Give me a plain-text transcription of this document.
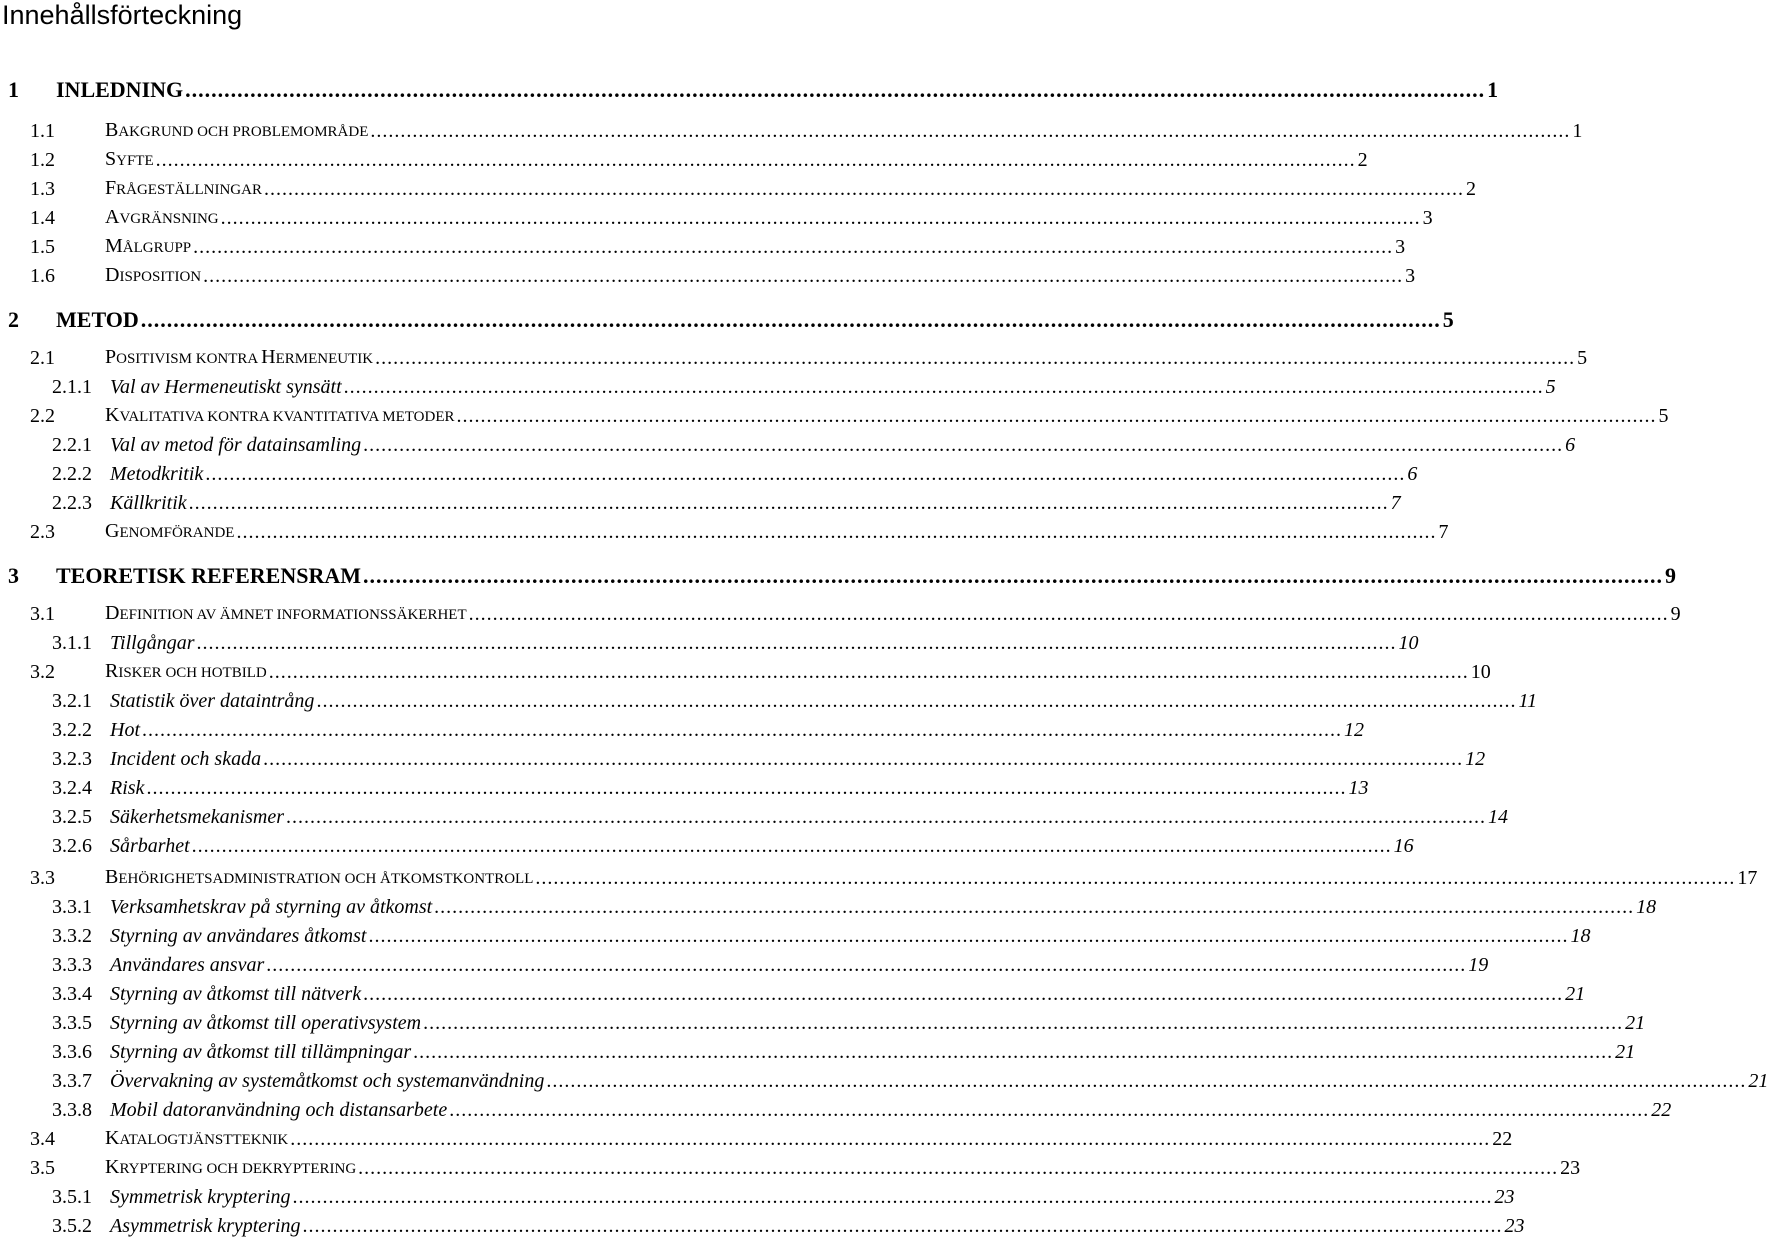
Innehållsförteckning
1 INLEDNING ........................................................................................................................................................................................................ 1
1.1	BAKGRUND OCH PROBLEMOMRÅDE ........................................................................................................................................................................................................ 1
1.2	SYFTE ........................................................................................................................................................................................................ 2
1.3	FRÅGESTÄLLNINGAR ........................................................................................................................................................................................................ 2
1.4	AVGRÄNSNING ........................................................................................................................................................................................................ 3
1.5	MÅLGRUPP ........................................................................................................................................................................................................ 3
1.6	DISPOSITION ........................................................................................................................................................................................................ 3
2 METOD ........................................................................................................................................................................................................ 5
2.1	POSITIVISM KONTRA HERMENEUTIK ........................................................................................................................................................................................................ 5
2.1.1 Val av Hermeneutiskt synsätt ........................................................................................................................................................................................................ 5
2.2	KVALITATIVA KONTRA KVANTITATIVA METODER ........................................................................................................................................................................................................ 5
2.2.1 Val av metod för datainsamling ........................................................................................................................................................................................................ 6
2.2.2 Metodkritik ........................................................................................................................................................................................................ 6
2.2.3 Källkritik ........................................................................................................................................................................................................ 7
2.3	GENOMFÖRANDE ........................................................................................................................................................................................................ 7
3 TEORETISK REFERENSRAM ........................................................................................................................................................................................................ 9
3.1	DEFINITION AV ÄMNET INFORMATIONSSÄKERHET ........................................................................................................................................................................................................ 9
3.1.1 Tillgångar ........................................................................................................................................................................................................ 10
3.2	RISKER OCH HOTBILD ........................................................................................................................................................................................................ 10
3.2.1 Statistik över dataintrång ........................................................................................................................................................................................................ 11
3.2.2 Hot ........................................................................................................................................................................................................ 12
3.2.3 Incident och skada ........................................................................................................................................................................................................ 12
3.2.4 Risk ........................................................................................................................................................................................................ 13
3.2.5 Säkerhetsmekanismer ........................................................................................................................................................................................................ 14
3.2.6 Sårbarhet ........................................................................................................................................................................................................ 16
3.3	BEHÖRIGHETSADMINISTRATION OCH ÅTKOMSTKONTROLL ........................................................................................................................................................................................................ 17
3.3.1 Verksamhetskrav på styrning av åtkomst ........................................................................................................................................................................................................ 18
3.3.2 Styrning av användares åtkomst ........................................................................................................................................................................................................ 18
3.3.3 Användares ansvar ........................................................................................................................................................................................................ 19
3.3.4 Styrning av åtkomst till nätverk ........................................................................................................................................................................................................ 21
3.3.5 Styrning av åtkomst till operativsystem ........................................................................................................................................................................................................ 21
3.3.6 Styrning av åtkomst till tillämpningar ........................................................................................................................................................................................................ 21
3.3.7 Övervakning av systemåtkomst och systemanvändning ........................................................................................................................................................................................................ 21
3.3.8 Mobil datoranvändning och distansarbete ........................................................................................................................................................................................................ 22
3.4	KATALOGTJÄNSTTEKNIK ........................................................................................................................................................................................................ 22
3.5	KRYPTERING OCH DEKRYPTERING ........................................................................................................................................................................................................ 23
3.5.1 Symmetrisk kryptering ........................................................................................................................................................................................................ 23
3.5.2 Asymmetrisk kryptering ........................................................................................................................................................................................................ 23
